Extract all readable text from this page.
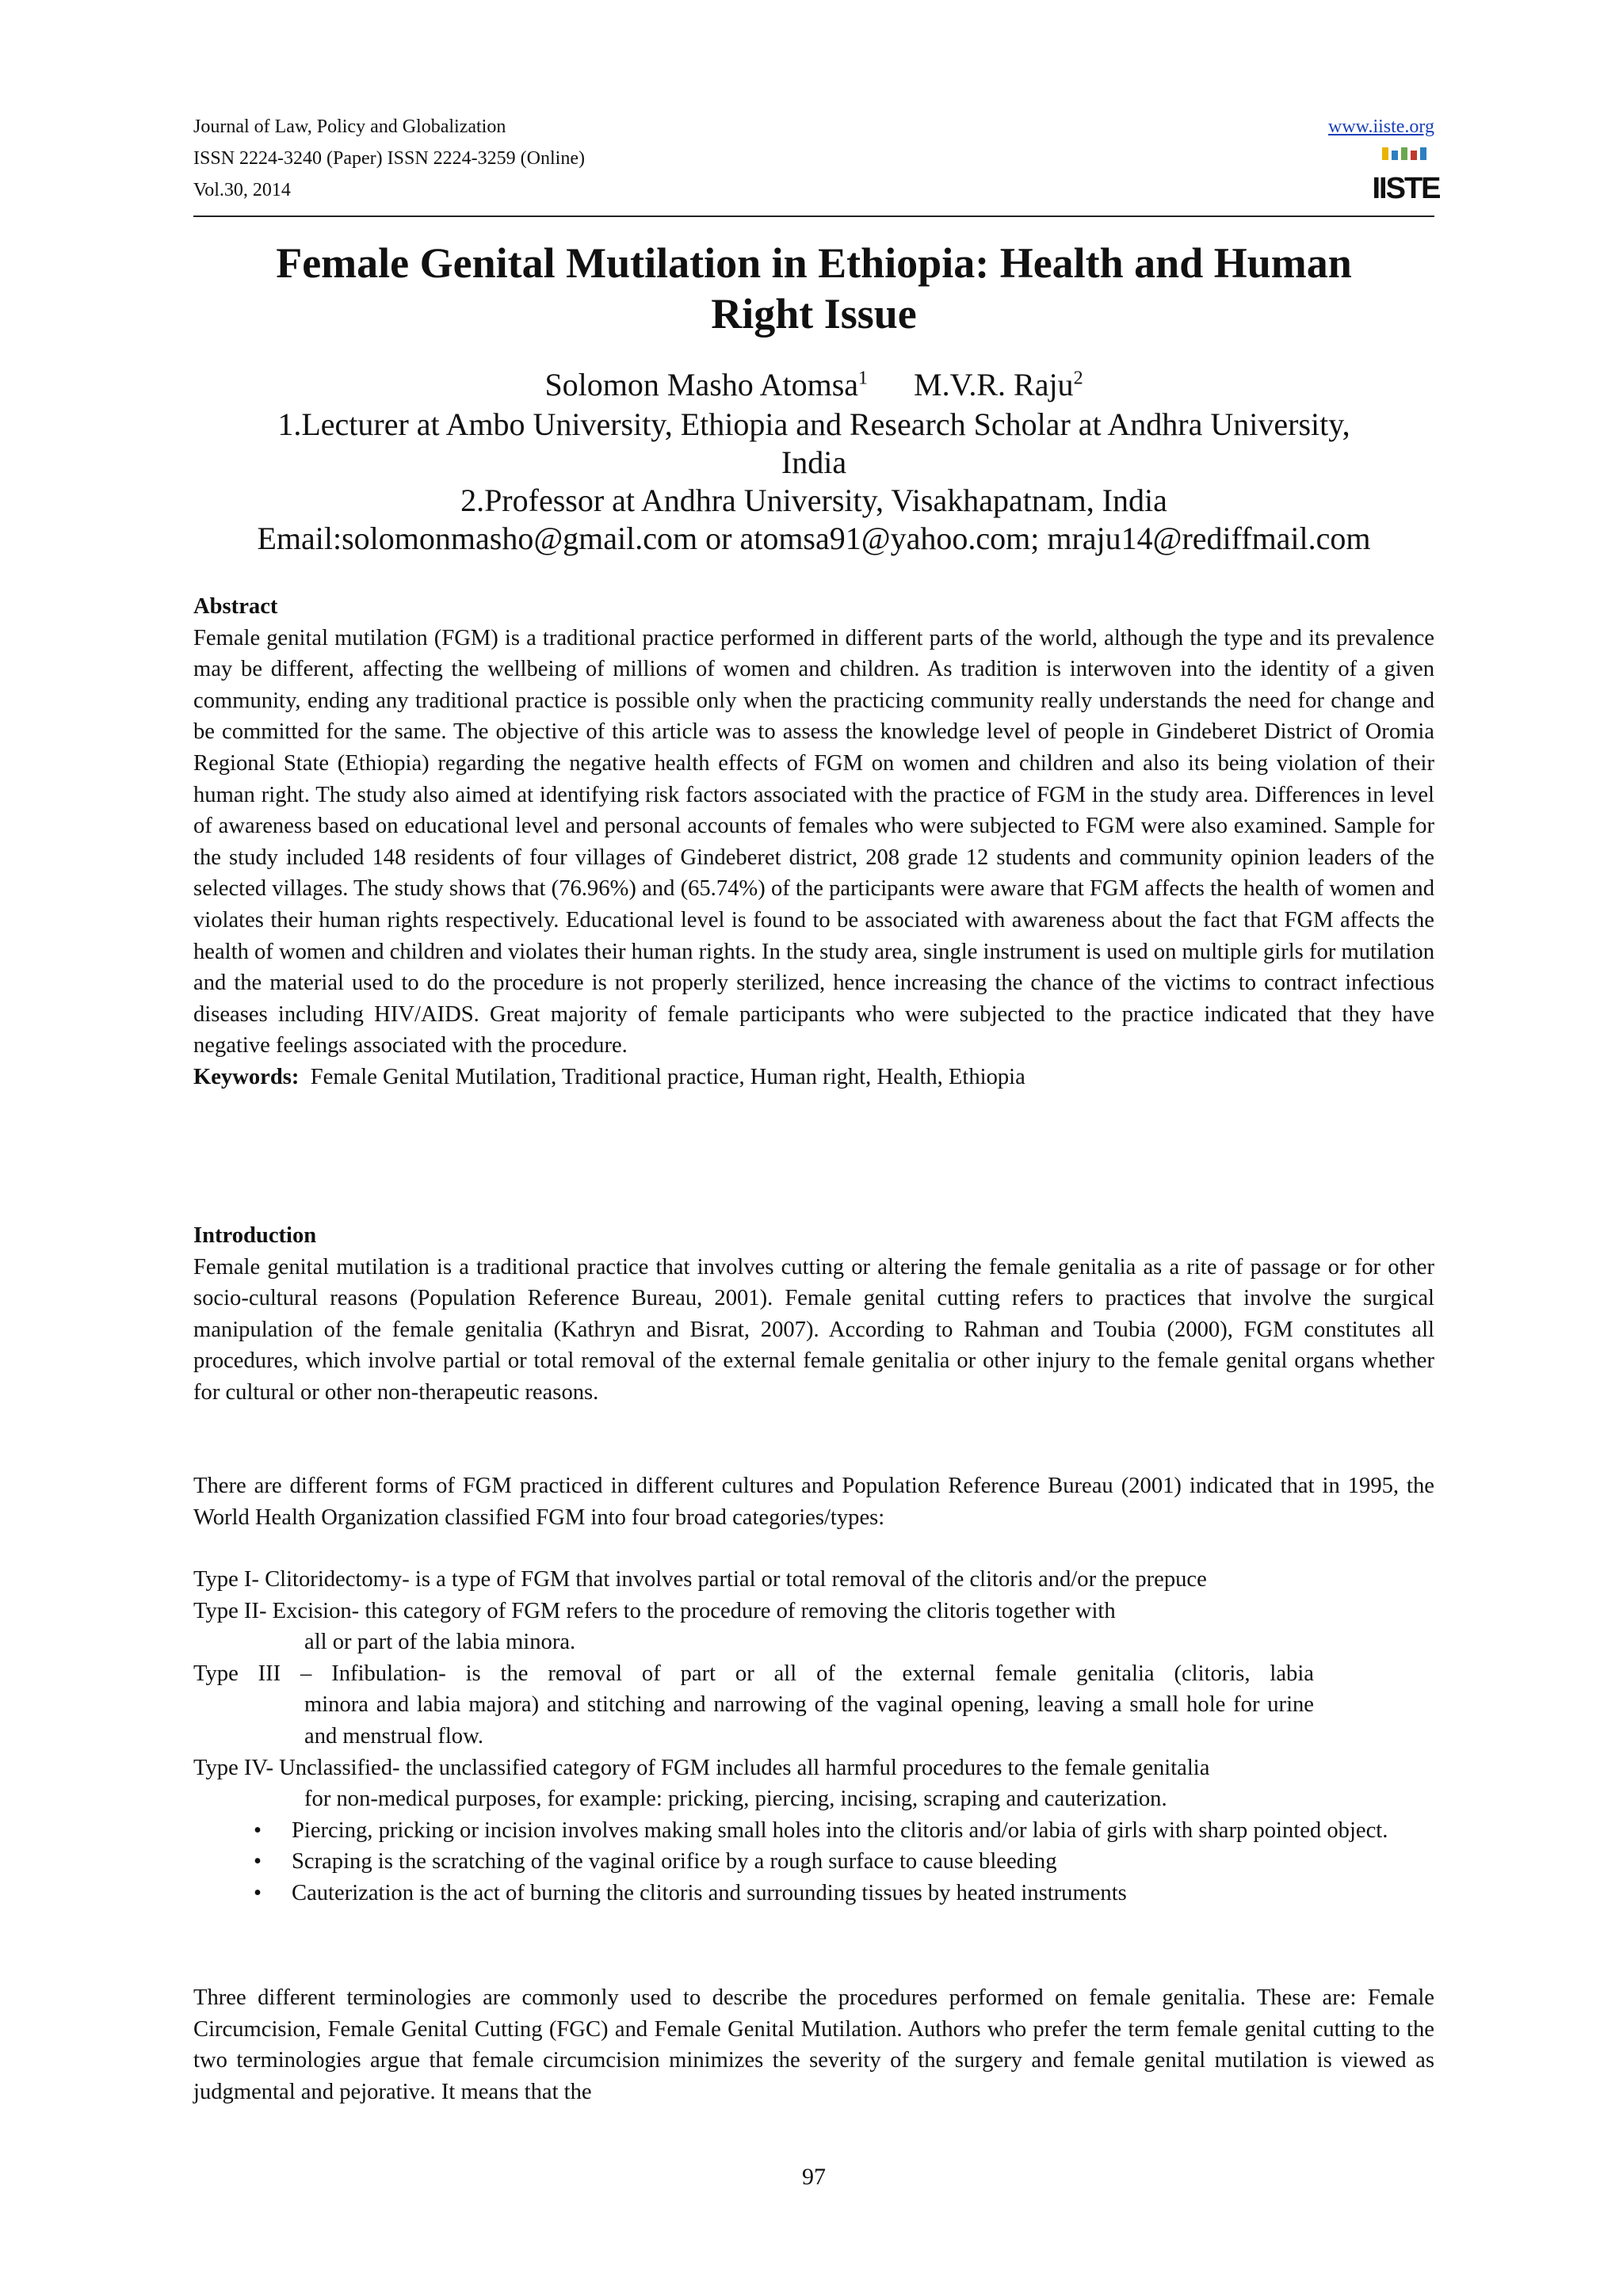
Journal of Law, Policy and Globalization
ISSN 2224-3240 (Paper) ISSN 2224-3259 (Online)
Vol.30, 2014
www.iiste.org
IISTE
Female Genital Mutilation in Ethiopia: Health and Human
Right Issue
Solomon Masho Atomsa$^1$ M.V.R. Raju$^2$
1.Lecturer at Ambo University, Ethiopia and Research Scholar at Andhra University,
India
2.Professor at Andhra University, Visakhapatnam, India
Email:solomonmasho@gmail.com or atomsa91@yahoo.com; mraju14@rediffmail.com
Abstract
Female genital mutilation (FGM) is a traditional practice performed in different parts of the world, although the type and its prevalence may be different, affecting the wellbeing of millions of women and children. As tradition is interwoven into the identity of a given community, ending any traditional practice is possible only when the practicing community really understands the need for change and be committed for the same. The objective of this article was to assess the knowledge level of people in Gindeberet District of Oromia Regional State (Ethiopia) regarding the negative health effects of FGM on women and children and also its being violation of their human right. The study also aimed at identifying risk factors associated with the practice of FGM in the study area. Differences in level of awareness based on educational level and personal accounts of females who were subjected to FGM were also examined. Sample for the study included 148 residents of four villages of Gindeberet district, 208 grade 12 students and community opinion leaders of the selected villages. The study shows that (76.96%) and (65.74%) of the participants were aware that FGM affects the health of women and violates their human rights respectively. Educational level is found to be associated with awareness about the fact that FGM affects the health of women and children and violates their human rights. In the study area, single instrument is used on multiple girls for mutilation and the material used to do the procedure is not properly sterilized, hence increasing the chance of the victims to contract infectious diseases including HIV/AIDS. Great majority of female participants who were subjected to the practice indicated that they have negative feelings associated with the procedure.
Keywords: Female Genital Mutilation, Traditional practice, Human right, Health, Ethiopia
Introduction
Female genital mutilation is a traditional practice that involves cutting or altering the female genitalia as a rite of passage or for other socio-cultural reasons (Population Reference Bureau, 2001). Female genital cutting refers to practices that involve the surgical manipulation of the female genitalia (Kathryn and Bisrat, 2007). According to Rahman and Toubia (2000), FGM constitutes all procedures, which involve partial or total removal of the external female genitalia or other injury to the female genital organs whether for cultural or other non-therapeutic reasons.
There are different forms of FGM practiced in different cultures and Population Reference Bureau (2001) indicated that in 1995, the World Health Organization classified FGM into four broad categories/types:
Type I- Clitoridectomy- is a type of FGM that involves partial or total removal of the clitoris and/or the prepuce
Type II- Excision- this category of FGM refers to the procedure of removing the clitoris together with
all or part of the labia minora.
Type III – Infibulation- is the removal of part or all of the external female genitalia (clitoris, labia
minora and labia majora) and stitching and narrowing of the vaginal opening, leaving a small hole for urine and menstrual flow.
Type IV- Unclassified- the unclassified category of FGM includes all harmful procedures to the female genitalia
for non-medical purposes, for example: pricking, piercing, incising, scraping and cauterization.
• Piercing, pricking or incision involves making small holes into the clitoris and/or labia of girls with sharp pointed object.
• Scraping is the scratching of the vaginal orifice by a rough surface to cause bleeding
• Cauterization is the act of burning the clitoris and surrounding tissues by heated instruments
Three different terminologies are commonly used to describe the procedures performed on female genitalia. These are: Female Circumcision, Female Genital Cutting (FGC) and Female Genital Mutilation. Authors who prefer the term female genital cutting to the two terminologies argue that female circumcision minimizes the severity of the surgery and female genital mutilation is viewed as judgmental and pejorative. It means that the
97
